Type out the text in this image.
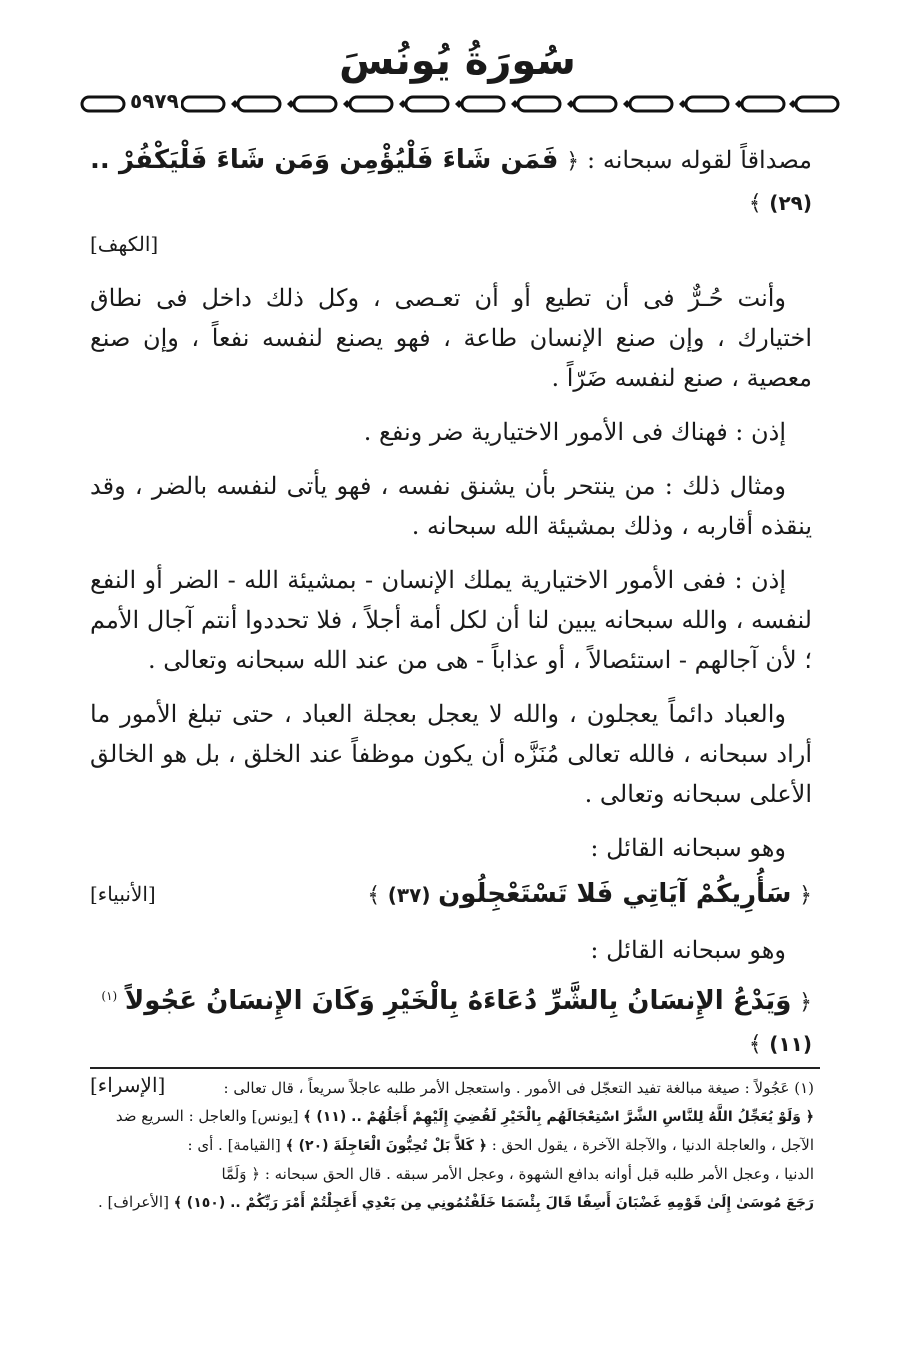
سُورَةُ يُونُسَ
٥٩٧٩

مصداقاً لقوله سبحانه : ﴿ فَمَن شَاءَ فَلْيُؤْمِن وَمَن شَاءَ فَلْيَكْفُرْ .. (٢٩) ﴾
[الكهف]

وأنت حُـرٌّ فى أن تطيع أو أن تعـصى ، وكل ذلك داخل فى نطاق اختيارك ، وإن صنع الإنسان طاعة ، فهو يصنع لنفسه نفعاً ، وإن صنع معصية ، صنع لنفسه ضَرّاً .

إذن : فهناك فى الأمور الاختيارية ضر ونفع .

ومثال ذلك : من ينتحر بأن يشنق نفسه ، فهو يأتى لنفسه بالضر ، وقد ينقذه أقاربه ، وذلك بمشيئة الله سبحانه .

إذن : ففى الأمور الاختيارية يملك الإنسان - بمشيئة الله - الضر أو النفع لنفسه ، والله سبحانه يبين لنا أن لكل أمة أجلاً ، فلا تحددوا أنتم آجال الأمم ؛ لأن آجالهم - استئصالاً ، أو عذاباً - هى من عند الله سبحانه وتعالى .

والعباد دائماً يعجلون ، والله لا يعجل بعجلة العباد ، حتى تبلغ الأمور ما أراد سبحانه ، فالله تعالى مُنَزَّه أن يكون موظفاً عند الخلق ، بل هو الخالق الأعلى سبحانه وتعالى .

وهو سبحانه القائل :

[الأنبياء]	﴿ سَأُرِيكُمْ آيَاتِي فَلا تَسْتَعْجِلُون (٣٧) ﴾

وهو سبحانه القائل :

﴿ وَيَدْعُ الإِنسَانُ بِالشَّرِّ دُعَاءَهُ بِالْخَيْرِ وَكَانَ الإِنسَانُ عَجُولاً $^{(١)}$ (١١) ﴾
[الإسراء]	(١) عَجُولاً : صيغة مبالغة تفيد التعجّل فى الأمور . واستعجل الأمر طلبه عاجلاً سريعاً ، قال تعالى :

﴿ وَلَوْ يُعَجِّلُ اللَّهُ لِلنَّاسِ الشَّرَّ اسْتِعْجَالَهُم بِالْخَيْرِ لَقُضِيَ إِلَيْهِمْ أَجَلُهُمْ .. (١١) ﴾ [يونس] والعاجل : السريع ضد

الآجل ، والعاجلة الدنيا ، والآجلة الآخرة ، يقول الحق : ﴿ كَلاَّ بَلْ تُحِبُّونَ الْعَاجِلَةَ (٢٠) ﴾ [القيامة] . أى :

الدنيا ، وعجل الأمر طلبه قبل أوانه بدافع الشهوة ، وعجل الأمر سبقه . قال الحق سبحانه : ﴿ وَلَمَّا

رَجَعَ مُوسَىٰ إِلَىٰ قَوْمِهِ غَضْبَانَ أَسِفًا قَالَ بِئْسَمَا خَلَفْتُمُونِي مِن بَعْدِي أَعَجِلْتُمْ أَمْرَ رَبِّكُمْ .. (١٥٠) ﴾ [الأعراف] .
